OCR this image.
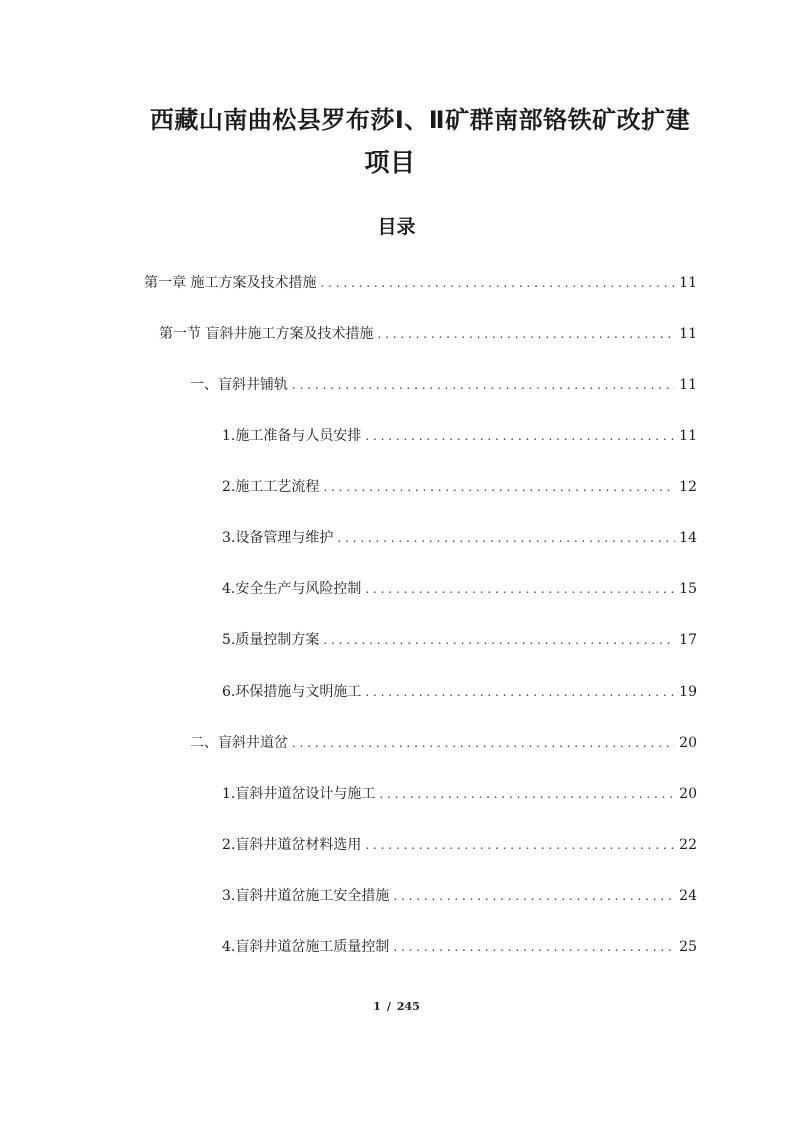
西藏山南曲松县罗布莎Ⅰ、Ⅱ矿群南部铬铁矿改扩建
项目
目录
第一章 施工方案及技术措施 . . .	11
第一节 盲斜井施工方案及技术措施 . . .	11
一、盲斜井铺轨 . . .	11
1.施工准备与人员安排 . . .	11
2.施工工艺流程 . . .	12
3.设备管理与维护 . . .	14
4.安全生产与风险控制 . . .	15
5.质量控制方案 . . .	17
6.环保措施与文明施工 . . .	19
二、盲斜井道岔 . . .	20
1.盲斜井道岔设计与施工 . . .	20
2.盲斜井道岔材料选用 . . .	22
3.盲斜井道岔施工安全措施 . . .	24
4.盲斜井道岔施工质量控制 . . .	25
1 / 245
